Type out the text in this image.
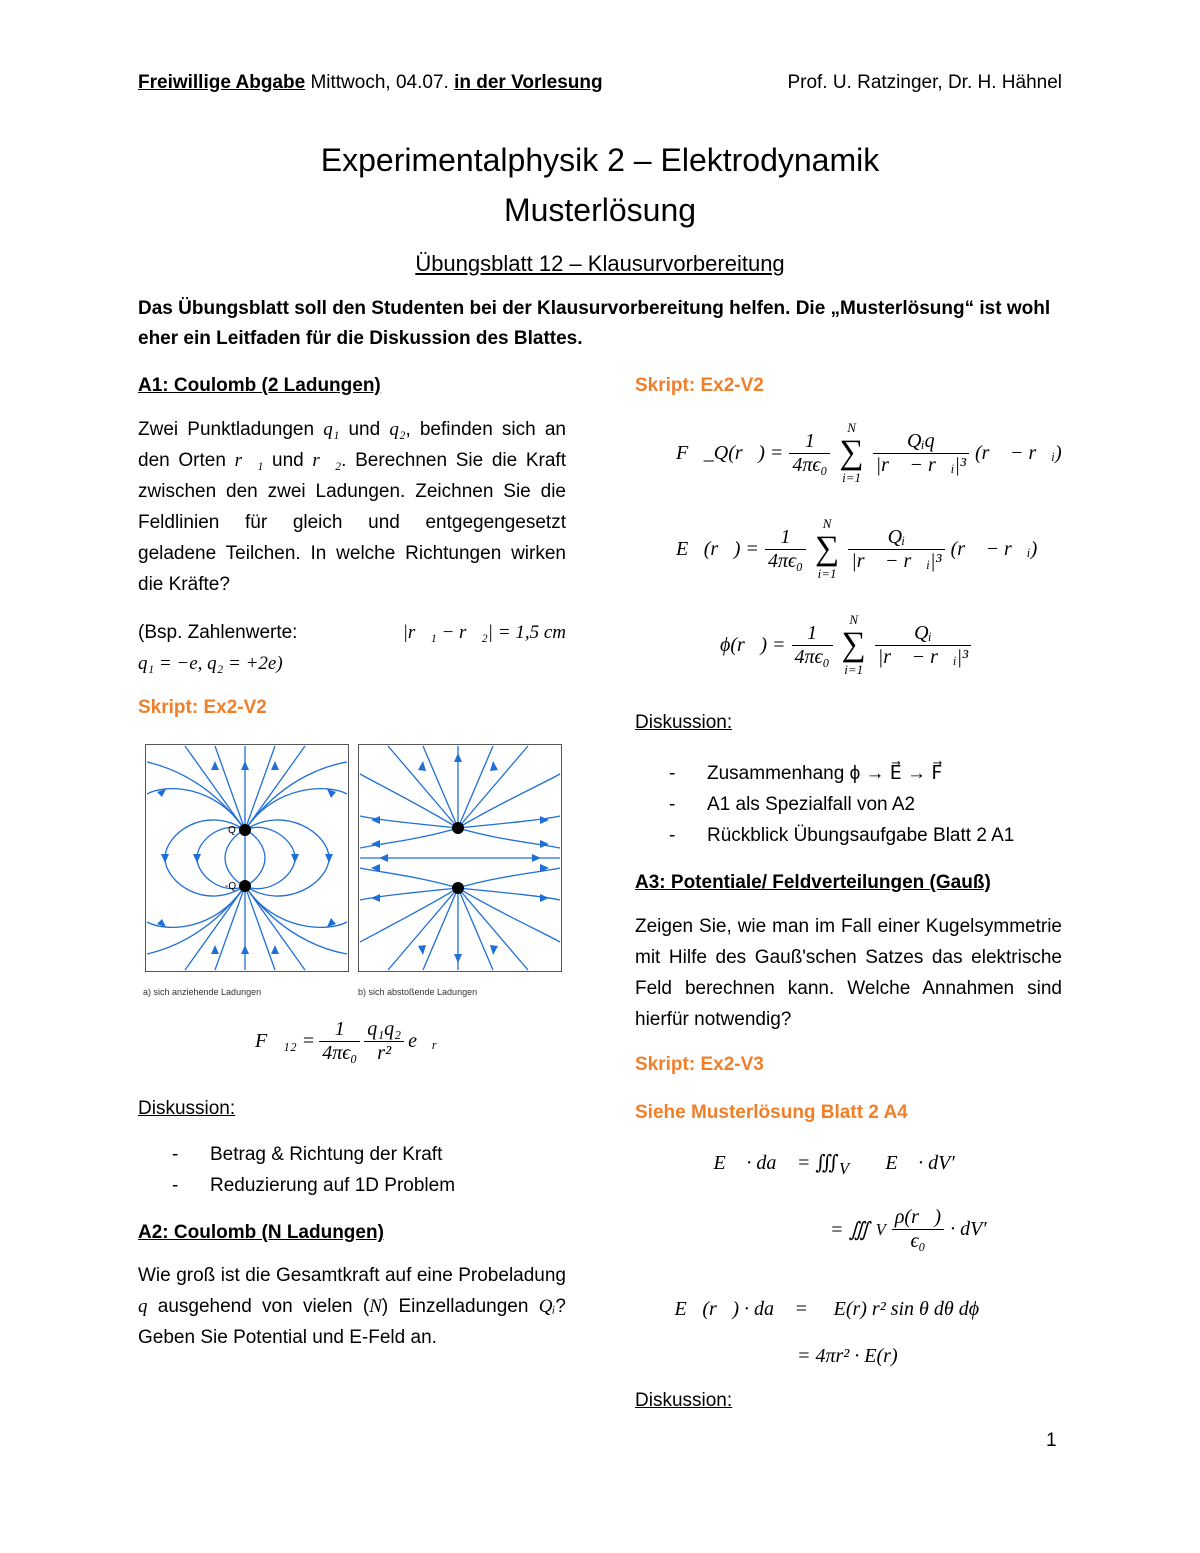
Freiwillige Abgabe Mittwoch, 04.07. in der Vorlesung	Prof. U. Ratzinger, Dr. H. Hähnel
Experimentalphysik 2 – Elektrodynamik
Musterlösung
Übungsblatt 12 – Klausurvorbereitung
Das Übungsblatt soll den Studenten bei der Klausurvorbereitung helfen. Die „Musterlösung“ ist wohl eher ein Leitfaden für die Diskussion des Blattes.
A1: Coulomb (2 Ladungen)
Zwei Punktladungen q₁ und q₂, befinden sich an den Orten r⃗₁ und r⃗₂. Berechnen Sie die Kraft zwischen den zwei Ladungen. Zeichnen Sie die Feldlinien für gleich und entgegengesetzt geladene Teilchen. In welche Richtungen wirken die Kräfte?
(Bsp. Zahlenwerte:	|r⃗₁ − r⃗₂| = 1,5 cm
q₁ = −e, q₂ = +2e)
Skript: Ex2-V2
Q
-Q
a) sich anziehende Ladungen	b) sich abstoßende Ladungen
F⃗₁₂ = $\frac{1}{\text{4πϵ₀}} \frac{\text{q₁q₂}}{\text{r²}}$ e⃗ᵣ
Diskussion:
- Betrag & Richtung der Kraft
- Reduzierung auf 1D Problem
A2: Coulomb (N Ladungen)
Wie groß ist die Gesamtkraft auf eine Probeladung q ausgehend von vielen (N) Einzelladungen Qᵢ? Geben Sie Potential und E-Feld an.
Skript: Ex2-V2
F⃗_Q(r⃗) = $\frac{1}{\text{4πϵ₀}}$
N
∑
i=1
$\frac{\text{Qᵢq}}{\text{|r⃗ − r⃗ᵢ|³}}$ (r⃗ − r⃗ᵢ)
E⃗(r⃗) = $\frac{1}{\text{4πϵ₀}}$
N
∑
i=1
$\frac{\text{Qᵢ}}{\text{|r⃗ − r⃗ᵢ|³}}$ (r⃗ − r⃗ᵢ)
ϕ(r⃗) = $\frac{1}{\text{4πϵ₀}}$
N
∑
i=1
$\frac{\text{Qᵢ}}{\text{|r⃗ − r⃗ᵢ|³}}$
Diskussion:
- Zusammenhang ϕ → E⃗ → F⃗
- A1 als Spezialfall von A2
- Rückblick Übungsaufgabe Blatt 2 A1
A3: Potentiale/ Feldverteilungen (Gauß)
Zeigen Sie, wie man im Fall einer Kugelsymmetrie mit Hilfe des Gauß'schen Satzes das elektrische Feld berechnen kann. Welche Annahmen sind hierfür notwendig?
Skript: Ex2-V3
Siehe Musterlösung Blatt 2 A4
∯ E⃗ · da⃗ = $∭_V$ ∇⃗E⃗ · dV′
= ∭ V $\frac{\rho(r⃗)}{\text{ϵ₀}} \cdot dV'$
∯ E⃗(r⃗) · da⃗ = ∯ E(r) r² sin θ dθ dϕ
= 4πr² · E(r)
Diskussion:
1
